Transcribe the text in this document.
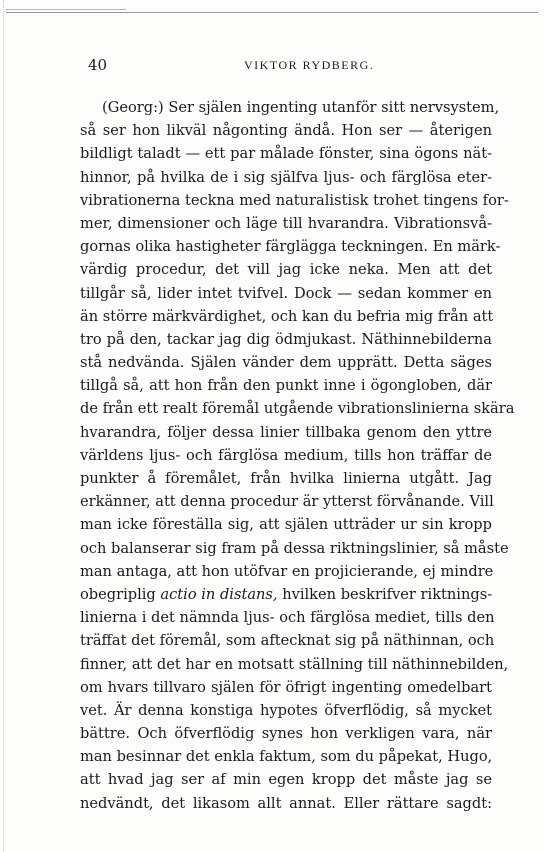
40	VIKTOR RYDBERG.
(Georg:) Ser själen ingenting utanför sitt nervsystem,
så ser hon likväl någonting ändå. Hon ser — återigen
bildligt taladt — ett par målade fönster, sina ögons nät-
hinnor, på hvilka de i sig själfva ljus- och färglösa eter-
vibrationerna teckna med naturalistisk trohet tingens for-
mer, dimensioner och läge till hvarandra. Vibrationsvå-
gornas olika hastigheter färglägga teckningen. En märk-
värdig procedur, det vill jag icke neka. Men att det
tillgår så, lider intet tvifvel. Dock — sedan kommer en
än större märkvärdighet, och kan du befria mig från att
tro på den, tackar jag dig ödmjukast. Näthinnebilderna
stå nedvända. Själen vänder dem upprätt. Detta säges
tillgå så, att hon från den punkt inne i ögongloben, där
de från ett realt föremål utgående vibrationslinierna skära
hvarandra, följer dessa linier tillbaka genom den yttre
världens ljus- och färglösa medium, tills hon träffar de
punkter å föremålet, från hvilka linierna utgått. Jag
erkänner, att denna procedur är ytterst förvånande. Vill
man icke föreställa sig, att själen utträder ur sin kropp
och balanserar sig fram på dessa riktningslinier, så måste
man antaga, att hon utöfvar en projicierande, ej mindre
obegriplig actio in distans, hvilken beskrifver riktnings-
linierna i det nämnda ljus- och färglösa mediet, tills den
träffat det föremål, som aftecknat sig på näthinnan, och
finner, att det har en motsatt ställning till näthinnebilden,
om hvars tillvaro själen för öfrigt ingenting omedelbart
vet. Är denna konstiga hypotes öfverflödig, så mycket
bättre. Och öfverflödig synes hon verkligen vara, när
man besinnar det enkla faktum, som du påpekat, Hugo,
att hvad jag ser af min egen kropp det måste jag se
nedvändt, det likasom allt annat. Eller rättare sagdt:
